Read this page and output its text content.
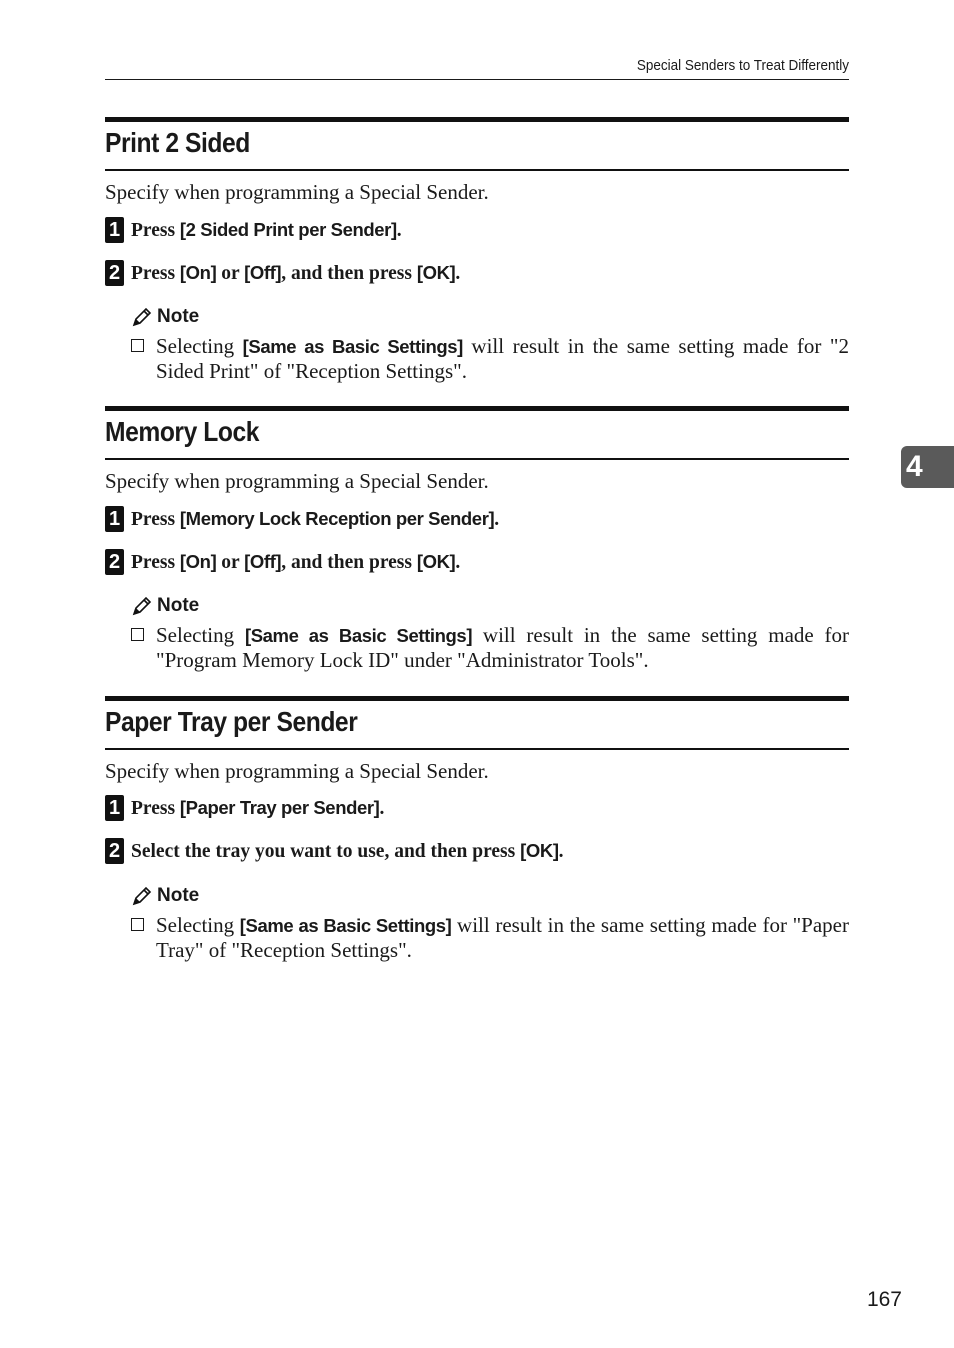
Special Senders to Treat Differently
Print 2 Sided
Specify when programming a Special Sender.
1 Press [2 Sided Print per Sender].
2 Press [On] or [Off], and then press [OK].
Note
Selecting [Same as Basic Settings] will result in the same setting made for "2 Sided Print" of "Reception Settings".
Memory Lock
Specify when programming a Special Sender.
1 Press [Memory Lock Reception per Sender].
2 Press [On] or [Off], and then press [OK].
Note
Selecting [Same as Basic Settings] will result in the same setting made for "Program Memory Lock ID" under "Administrator Tools".
Paper Tray per Sender
Specify when programming a Special Sender.
1 Press [Paper Tray per Sender].
2 Select the tray you want to use, and then press [OK].
Note
Selecting [Same as Basic Settings] will result in the same setting made for "Paper Tray" of "Reception Settings".
4
167
